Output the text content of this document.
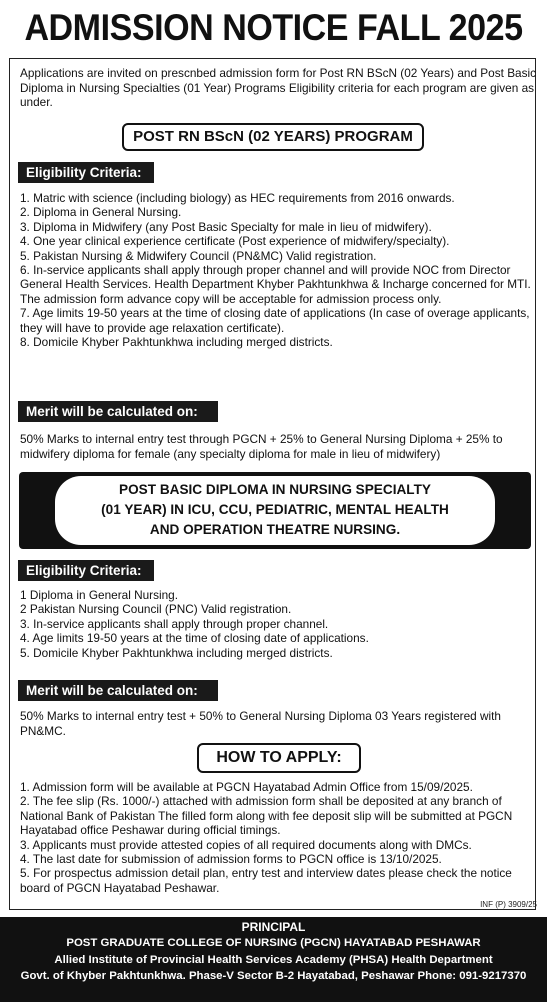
ADMISSION NOTICE FALL 2025

Applications are invited on prescnbed admission form for Post RN BScN (02 Years) and Post Basic Diploma in Nursing Specialties (01 Year) Programs Eligibility criteria for each program are given as under.

POST RN BScN (02 YEARS) PROGRAM
Eligibility Criteria:
1. Matric with science (including biology) as HEC requirements from 2016 onwards.
2. Diploma in General Nursing.
3. Diploma in Midwifery (any Post Basic Specialty for male in lieu of midwifery).
4. One year clinical experience certificate (Post experience of midwifery/specialty).
5. Pakistan Nursing & Midwifery Council (PN&MC) Valid registration.
6. In-service applicants shall apply through proper channel and will provide NOC from Director General Health Services. Health Department Khyber Pakhtunkhwa & Incharge concerned for MTI. The admission form advance copy will be acceptable for admission process only.
7. Age limits 19-50 years at the time of closing date of applications (In case of overage applicants, they will have to provide age relaxation certificate).
8. Domicile Khyber Pakhtunkhwa including merged districts.
Merit will be calculated on:

50% Marks to internal entry test through PGCN + 25% to General Nursing Diploma + 25% to midwifery diploma for female (any specialty diploma for male in lieu of midwifery)

POST BASIC DIPLOMA IN NURSING SPECIALTY
(01 YEAR) IN ICU, CCU, PEDIATRIC, MENTAL HEALTH
AND OPERATION THEATRE NURSING.
Eligibility Criteria:
1 Diploma in General Nursing.
2 Pakistan Nursing Council (PNC) Valid registration.
3. In-service applicants shall apply through proper channel.
4. Age limits 19-50 years at the time of closing date of applications.
5. Domicile Khyber Pakhtunkhwa including merged districts.
Merit will be calculated on:

50% Marks to internal entry test + 50% to General Nursing Diploma 03 Years registered with PN&MC.

HOW TO APPLY:
1. Admission form will be available at PGCN Hayatabad Admin Office from 15/09/2025.
2. The fee slip (Rs. 1000/-) attached with admission form shall be deposited at any branch of National Bank of Pakistan The filled form along with fee deposit slip will be submitted at PGCN Hayatabad office Peshawar during official timings.
3. Applicants must provide attested copies of all required documents along with DMCs.
4. The last date for submission of admission forms to PGCN office is 13/10/2025.
5. For prospectus admission detail plan, entry test and interview dates please check the notice board of PGCN Hayatabad Peshawar.
INF (P) 3909/25
PRINCIPAL
POST GRADUATE COLLEGE OF NURSING (PGCN) HAYATABAD PESHAWAR
Allied Institute of Provincial Health Services Academy (PHSA) Health Department
Govt. of Khyber Pakhtunkhwa. Phase-V Sector B-2 Hayatabad, Peshawar Phone: 091-9217370
